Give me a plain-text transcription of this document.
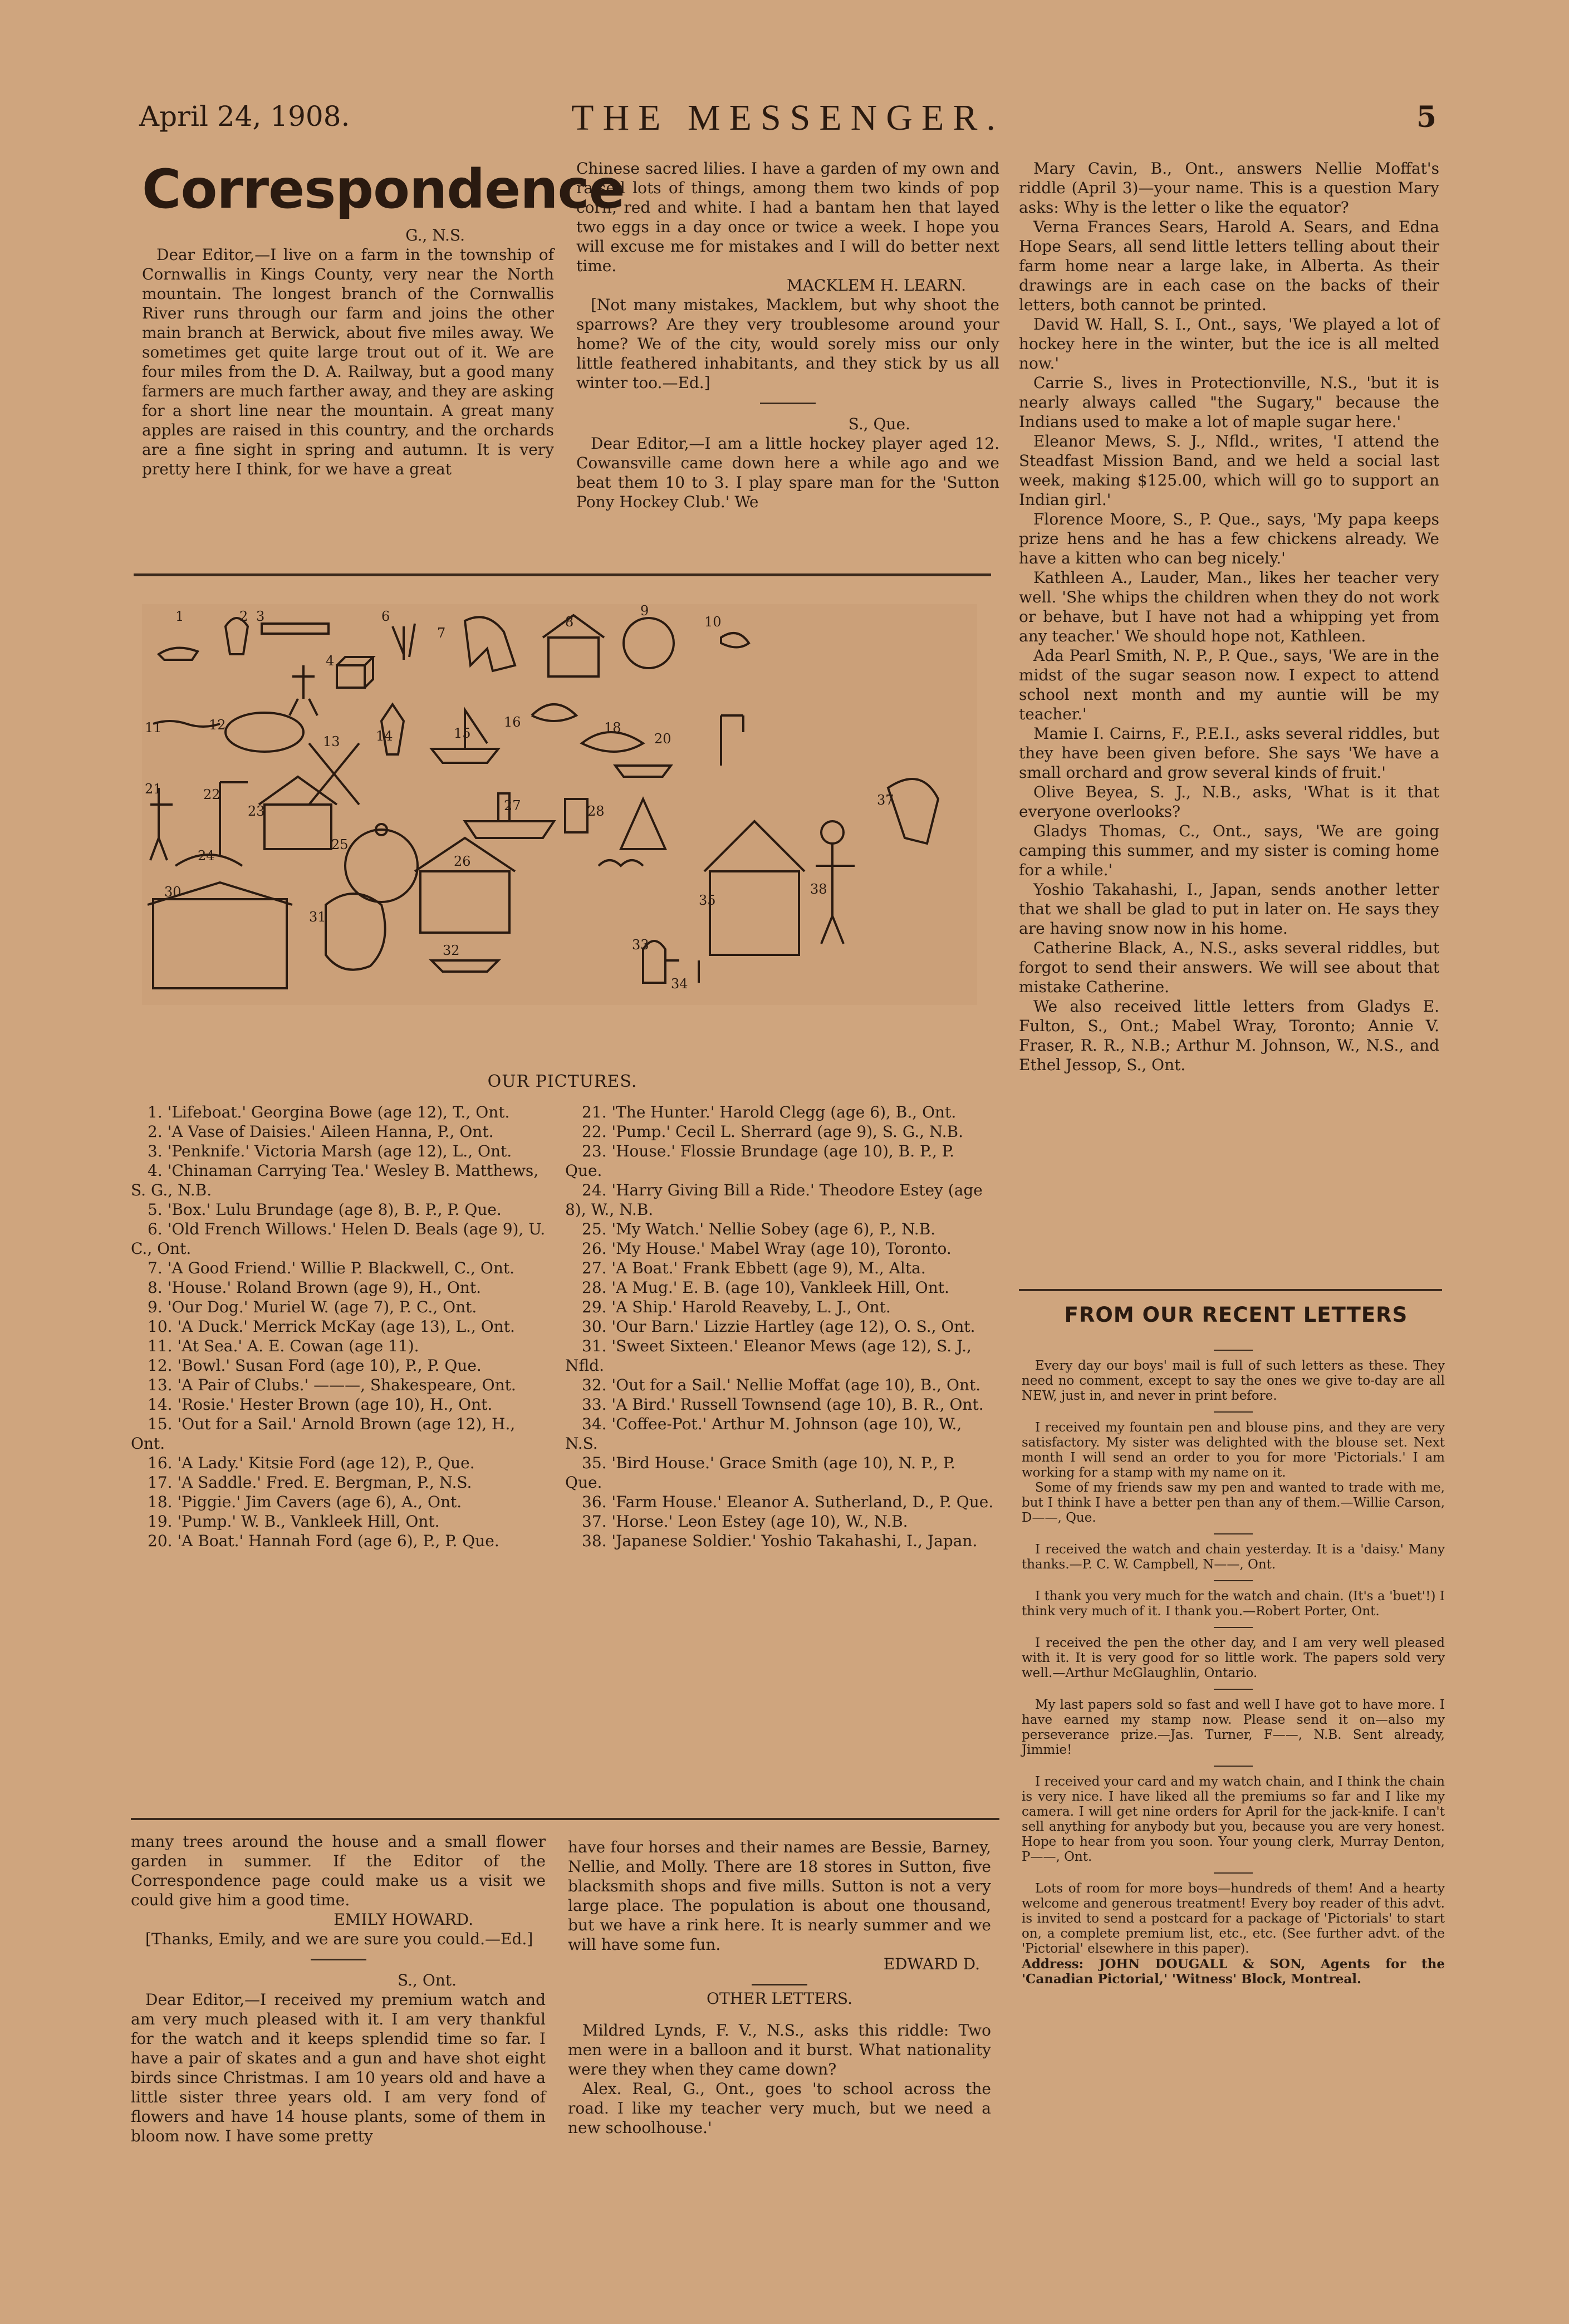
April 24, 1908.	THE MESSENGER.	5
Correspondence

G., N.S.

Dear Editor,—I live on a farm in the township of Cornwallis in Kings County, very near the North mountain. The longest branch of the Cornwallis River runs through our farm and joins the other main branch at Berwick, about five miles away. We sometimes get quite large trout out of it. We are four miles from the D. A. Railway, but a good many farmers are much farther away, and they are asking for a short line near the mountain. A great many apples are raised in this country, and the orchards are a fine sight in spring and autumn. It is very pretty here I think, for we have a great

Chinese sacred lilies. I have a garden of my own and raised lots of things, among them two kinds of pop corn, red and white. I had a bantam hen that layed two eggs in a day once or twice a week. I hope you will excuse me for mistakes and I will do better next time.

MACKLEM H. LEARN.

[Not many mistakes, Macklem, but why shoot the sparrows? Are they very troublesome around your home? We of the city, would sorely miss our only little feathered inhabitants, and they stick by us all winter too.—Ed.]

S., Que.

Dear Editor,—I am a little hockey player aged 12. Cowansville came down here a while ago and we beat them 10 to 3. I play spare man for the 'Sutton Pony Hockey Club.' We

1	2 3
4
6
7
8
9
10
11	12
13	14	15
16	18
20
21	22
23
24
25
26
27	28
30
31
32	33
34
35
37
38

Mary Cavin, B., Ont., answers Nellie Moffat's riddle (April 3)—your name. This is a question Mary asks: Why is the letter o like the equator?

Verna Frances Sears, Harold A. Sears, and Edna Hope Sears, all send little letters telling about their farm home near a large lake, in Alberta. As their drawings are in each case on the backs of their letters, both cannot be printed.

David W. Hall, S. I., Ont., says, 'We played a lot of hockey here in the winter, but the ice is all melted now.'

Carrie S., lives in Protectionville, N.S., 'but it is nearly always called "the Sugary," because the Indians used to make a lot of maple sugar here.'

Eleanor Mews, S. J., Nfld., writes, 'I attend the Steadfast Mission Band, and we held a social last week, making $125.00, which will go to support an Indian girl.'

Florence Moore, S., P. Que., says, 'My papa keeps prize hens and he has a few chickens already. We have a kitten who can beg nicely.'

Kathleen A., Lauder, Man., likes her teacher very well. 'She whips the children when they do not work or behave, but I have not had a whipping yet from any teacher.' We should hope not, Kathleen.

Ada Pearl Smith, N. P., P. Que., says, 'We are in the midst of the sugar season now. I expect to attend school next month and my auntie will be my teacher.'

Mamie I. Cairns, F., P.E.I., asks several riddles, but they have been given before. She says 'We have a small orchard and grow several kinds of fruit.'

Olive Beyea, S. J., N.B., asks, 'What is it that everyone overlooks?

Gladys Thomas, C., Ont., says, 'We are going camping this summer, and my sister is coming home for a while.'

Yoshio Takahashi, I., Japan, sends another letter that we shall be glad to put in later on. He says they are having snow now in his home.

Catherine Black, A., N.S., asks several riddles, but forgot to send their answers. We will see about that mistake Catherine.

We also received little letters from Gladys E. Fulton, S., Ont.; Mabel Wray, Toronto; Annie V. Fraser, R. R., N.B.; Arthur M. Johnson, W., N.S., and Ethel Jessop, S., Ont.

OUR PICTURES.
1. 'Lifeboat.' Georgina Bowe (age 12), T., Ont.
2. 'A Vase of Daisies.' Aileen Hanna, P., Ont.
3. 'Penknife.' Victoria Marsh (age 12), L., Ont.
4. 'Chinaman Carrying Tea.' Wesley B. Matthews, S. G., N.B.
5. 'Box.' Lulu Brundage (age 8), B. P., P. Que.
6. 'Old French Willows.' Helen D. Beals (age 9), U. C., Ont.
7. 'A Good Friend.' Willie P. Blackwell, C., Ont.
8. 'House.' Roland Brown (age 9), H., Ont.
9. 'Our Dog.' Muriel W. (age 7), P. C., Ont.
10. 'A Duck.' Merrick McKay (age 13), L., Ont.
11. 'At Sea.' A. E. Cowan (age 11).
12. 'Bowl.' Susan Ford (age 10), P., P. Que.
13. 'A Pair of Clubs.' ———, Shakespeare, Ont.
14. 'Rosie.' Hester Brown (age 10), H., Ont.
15. 'Out for a Sail.' Arnold Brown (age 12), H., Ont.
16. 'A Lady.' Kitsie Ford (age 12), P., Que.
17. 'A Saddle.' Fred. E. Bergman, P., N.S.
18. 'Piggie.' Jim Cavers (age 6), A., Ont.
19. 'Pump.' W. B., Vankleek Hill, Ont.
20. 'A Boat.' Hannah Ford (age 6), P., P. Que.
21. 'The Hunter.' Harold Clegg (age 6), B., Ont.
22. 'Pump.' Cecil L. Sherrard (age 9), S. G., N.B.
23. 'House.' Flossie Brundage (age 10), B. P., P. Que.
24. 'Harry Giving Bill a Ride.' Theodore Estey (age 8), W., N.B.
25. 'My Watch.' Nellie Sobey (age 6), P., N.B.
26. 'My House.' Mabel Wray (age 10), Toronto.
27. 'A Boat.' Frank Ebbett (age 9), M., Alta.
28. 'A Mug.' E. B. (age 10), Vankleek Hill, Ont.
29. 'A Ship.' Harold Reaveby, L. J., Ont.
30. 'Our Barn.' Lizzie Hartley (age 12), O. S., Ont.
31. 'Sweet Sixteen.' Eleanor Mews (age 12), S. J., Nfld.
32. 'Out for a Sail.' Nellie Moffat (age 10), B., Ont.
33. 'A Bird.' Russell Townsend (age 10), B. R., Ont.
34. 'Coffee-Pot.' Arthur M. Johnson (age 10), W., N.S.
35. 'Bird House.' Grace Smith (age 10), N. P., P. Que.
36. 'Farm House.' Eleanor A. Sutherland, D., P. Que.
37. 'Horse.' Leon Estey (age 10), W., N.B.
38. 'Japanese Soldier.' Yoshio Takahashi, I., Japan.

many trees around the house and a small flower garden in summer. If the Editor of the Correspondence page could make us a visit we could give him a good time.

EMILY HOWARD.

[Thanks, Emily, and we are sure you could.—Ed.]

S., Ont.

Dear Editor,—I received my premium watch and am very much pleased with it. I am very thankful for the watch and it keeps splendid time so far. I have a pair of skates and a gun and have shot eight birds since Christmas. I am 10 years old and have a little sister three years old. I am very fond of flowers and have 14 house plants, some of them in bloom now. I have some pretty

have four horses and their names are Bessie, Barney, Nellie, and Molly. There are 18 stores in Sutton, five blacksmith shops and five mills. Sutton is not a very large place. The population is about one thousand, but we have a rink here. It is nearly summer and we will have some fun.

EDWARD D.

OTHER LETTERS.

Mildred Lynds, F. V., N.S., asks this riddle: Two men were in a balloon and it burst. What nationality were they when they came down?

Alex. Real, G., Ont., goes 'to school across the road. I like my teacher very much, but we need a new schoolhouse.'

FROM OUR RECENT LETTERS

Every day our boys' mail is full of such letters as these. They need no comment, except to say the ones we give to-day are all NEW, just in, and never in print before.

I received my fountain pen and blouse pins, and they are very satisfactory. My sister was delighted with the blouse set. Next month I will send an order to you for more 'Pictorials.' I am working for a stamp with my name on it.

Some of my friends saw my pen and wanted to trade with me, but I think I have a better pen than any of them.—Willie Carson, D——, Que.

I received the watch and chain yesterday. It is a 'daisy.' Many thanks.—P. C. W. Campbell, N——, Ont.

I thank you very much for the watch and chain. (It's a 'buet'!) I think very much of it. I thank you.—Robert Porter, Ont.

I received the pen the other day, and I am very well pleased with it. It is very good for so little work. The papers sold very well.—Arthur McGlaughlin, Ontario.

My last papers sold so fast and well I have got to have more. I have earned my stamp now. Please send it on—also my perseverance prize.—Jas. Turner, F——, N.B. Sent already, Jimmie!

I received your card and my watch chain, and I think the chain is very nice. I have liked all the premiums so far and I like my camera. I will get nine orders for April for the jack-knife. I can't sell anything for anybody but you, because you are very honest. Hope to hear from you soon. Your young clerk, Murray Denton, P——, Ont.

Lots of room for more boys—hundreds of them! And a hearty welcome and generous treatment! Every boy reader of this advt. is invited to send a postcard for a package of 'Pictorials' to start on, a complete premium list, etc., etc. (See further advt. of the 'Pictorial' elsewhere in this paper).

Address: JOHN DOUGALL & SON, Agents for the 'Canadian Pictorial,' 'Witness' Block, Montreal.
